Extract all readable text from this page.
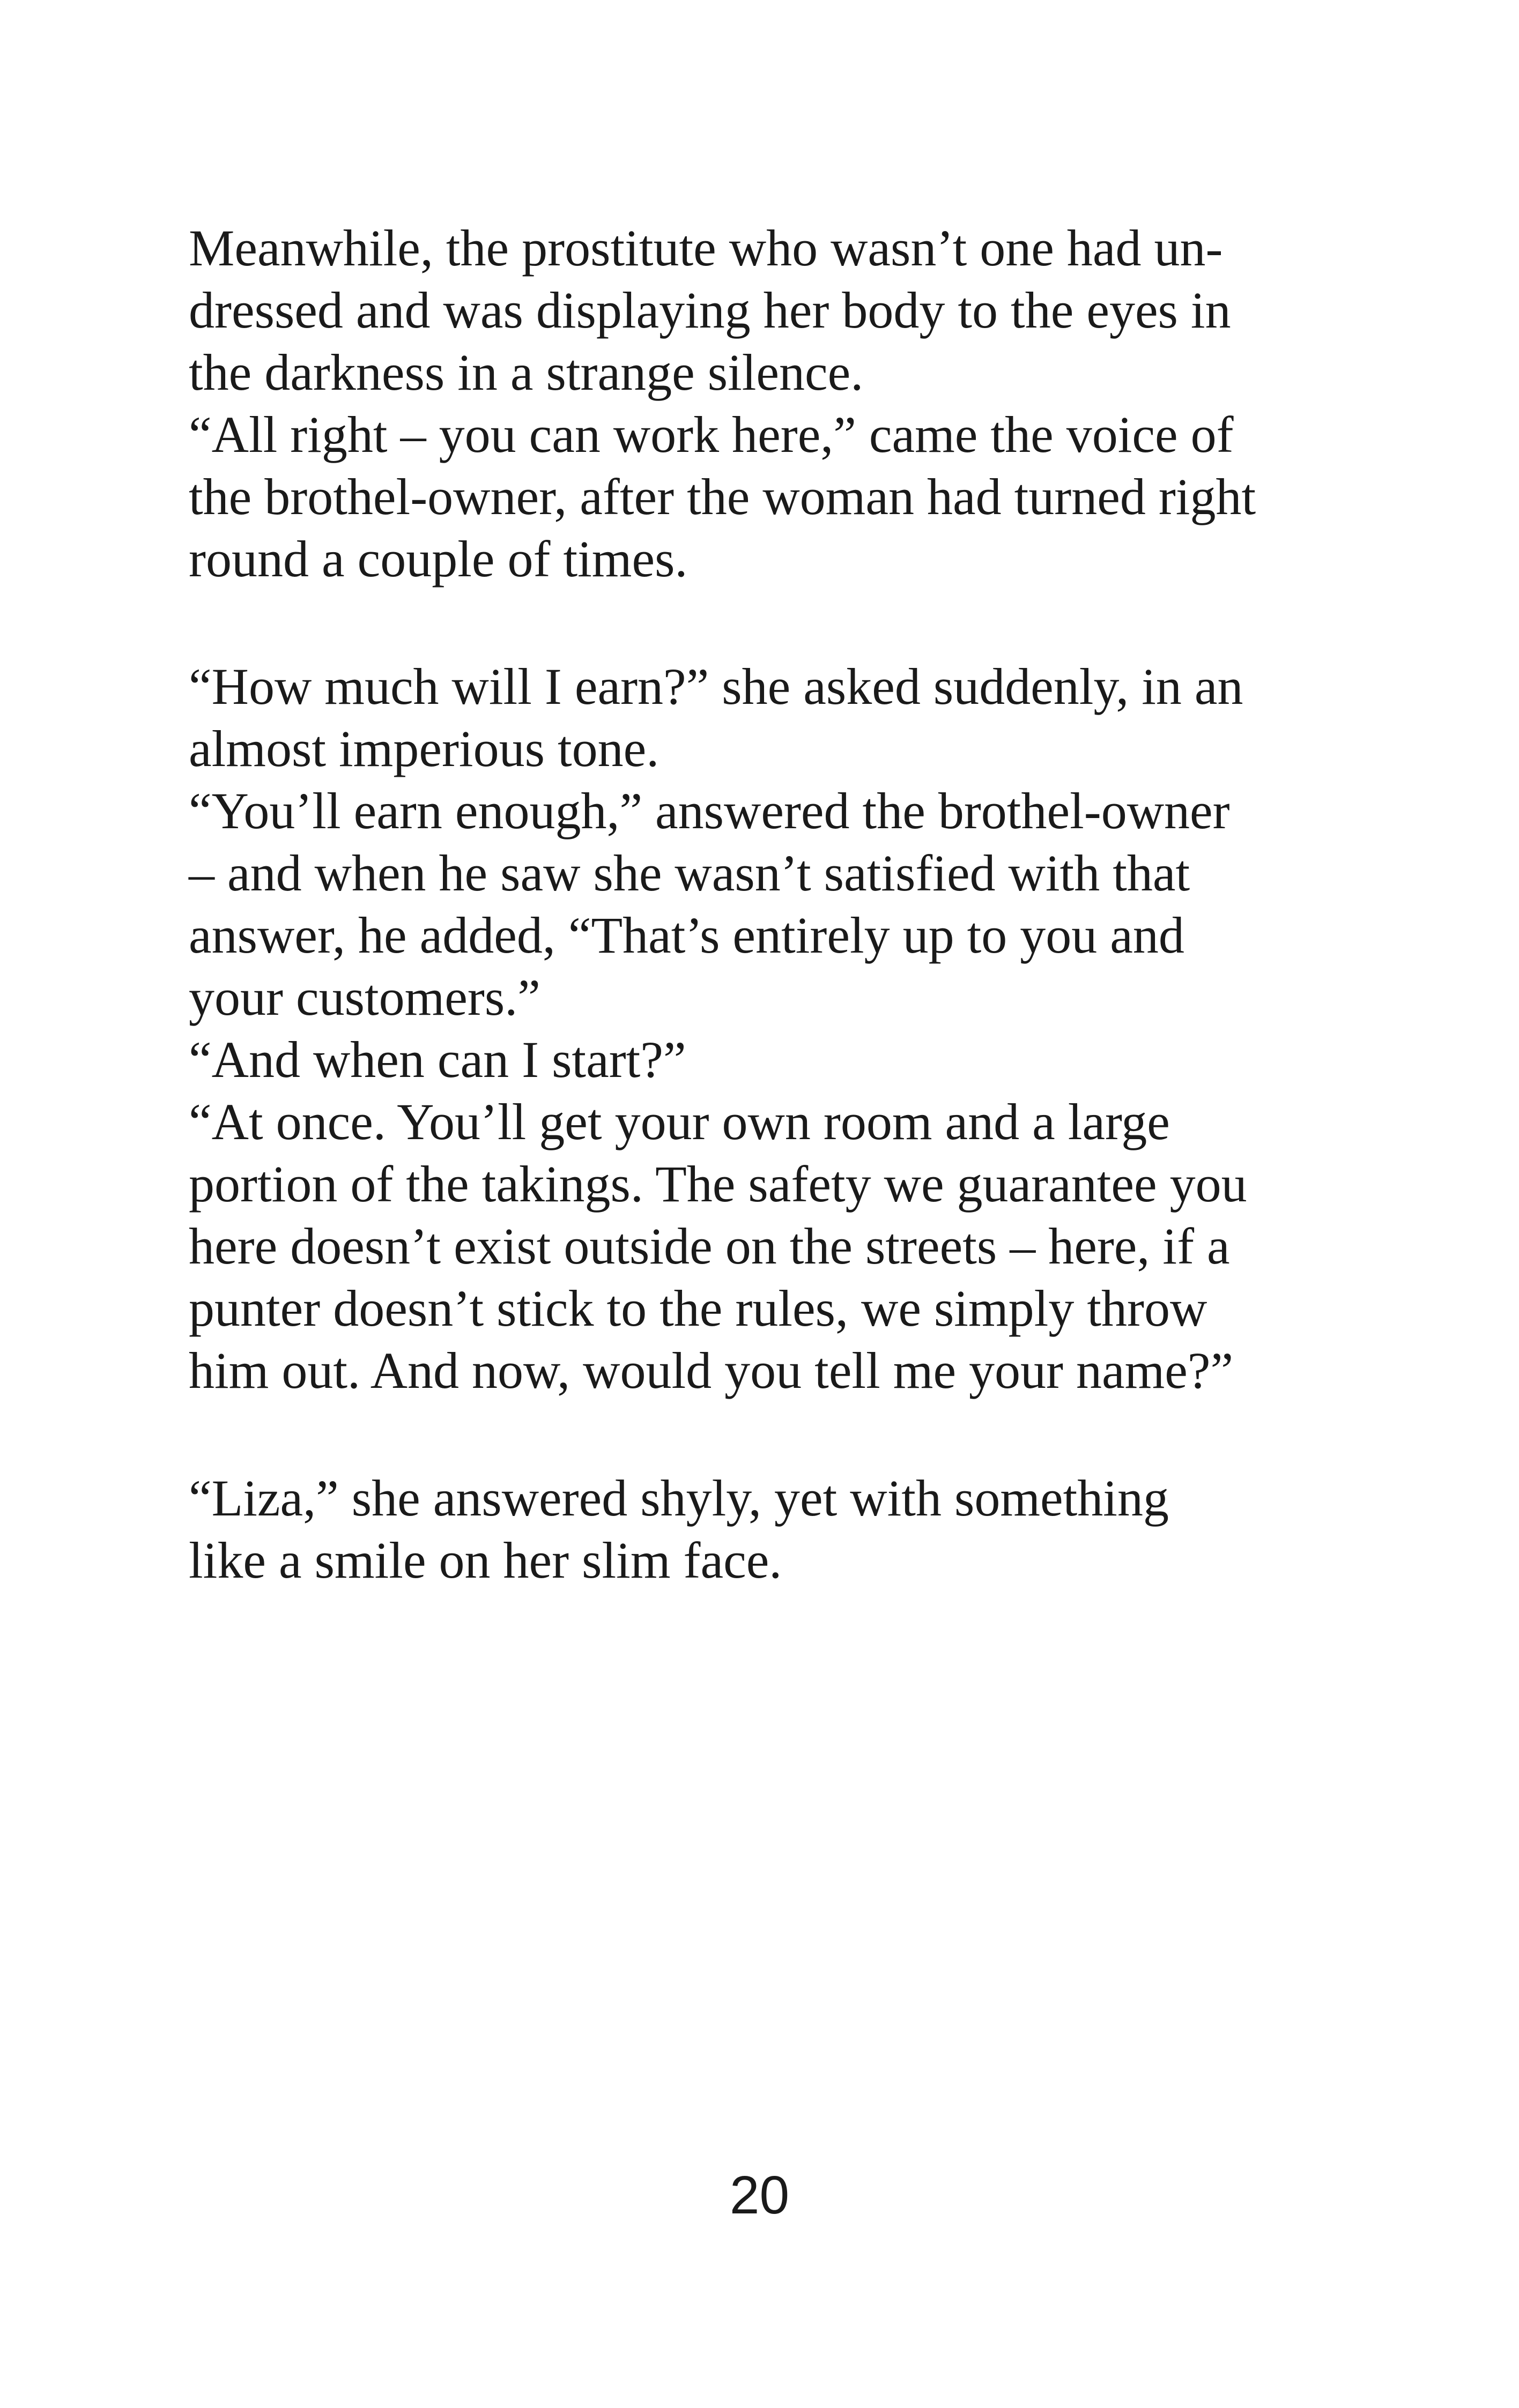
Meanwhile, the prostitute who wasn’t one had un-
dressed and was displaying her body to the eyes in
the darkness in a strange silence.

“All right – you can work here,” came the voice of
the brothel-owner, after the woman had turned right
round a couple of times.

“How much will I earn?” she asked suddenly, in an
almost imperious tone.

“You’ll earn enough,” answered the brothel-owner
– and when he saw she wasn’t satisfied with that
answer, he added, “That’s entirely up to you and
your customers.”

“And when can I start?”

“At once. You’ll get your own room and a large
portion of the takings. The safety we guarantee you
here doesn’t exist outside on the streets – here, if a
punter doesn’t stick to the rules, we simply throw
him out. And now, would you tell me your name?”

“Liza,” she answered shyly, yet with something
like a smile on her slim face.

20
